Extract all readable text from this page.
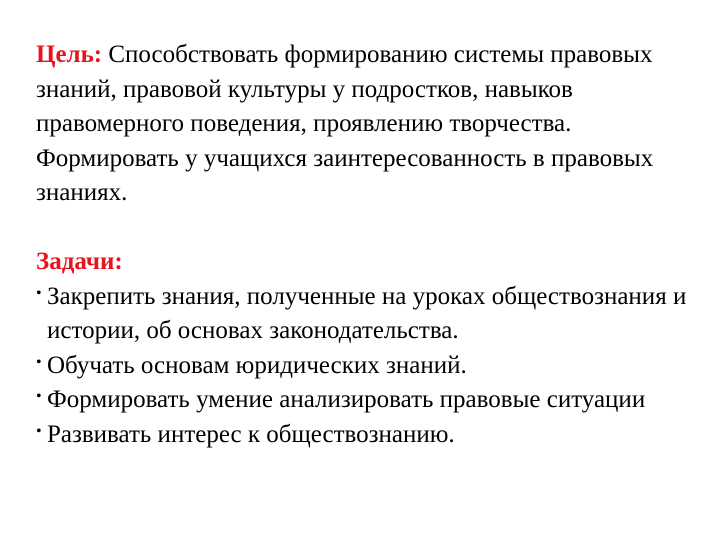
Цель: Способствовать формированию системы правовых знаний, правовой культуры у подростков, навыков правомерного поведения, проявлению творчества. Формировать у учащихся заинтересованность в правовых знаниях.

Задачи:

• Закрепить знания, полученные на уроках обществознания и истории, об основах законодательства.
• Обучать основам юридических знаний.
• Формировать умение анализировать правовые ситуации
• Развивать интерес к обществознанию.
